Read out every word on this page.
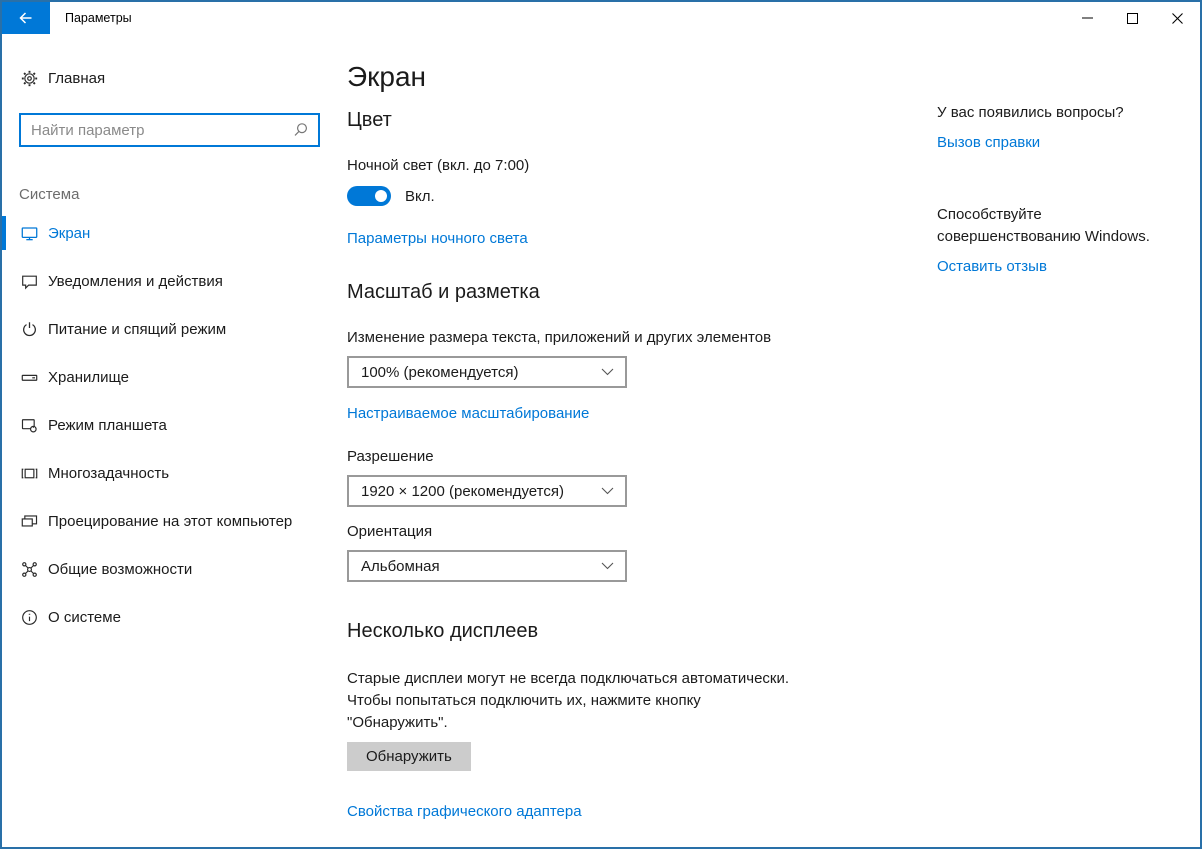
Параметры
Главная
Найти параметр
Система
Экран
Уведомления и действия
Питание и спящий режим
Хранилище
Режим планшета
Многозадачность
Проецирование на этот компьютер
Общие возможности
О системе
Экран
Цвет
Ночной свет (вкл. до 7:00)
Вкл.
Параметры ночного света
Масштаб и разметка
Изменение размера текста, приложений и других элементов
100% (рекомендуется)
Настраиваемое масштабирование
Разрешение
1920 × 1200 (рекомендуется)
Ориентация
Альбомная
Несколько дисплеев
Старые дисплеи могут не всегда подключаться автоматически.
Чтобы попытаться подключить их, нажмите кнопку
"Обнаружить".
Обнаружить
Свойства графического адаптера
У вас появились вопросы?
Вызов справки
Способствуйте совершенствованию Windows.
Оставить отзыв
